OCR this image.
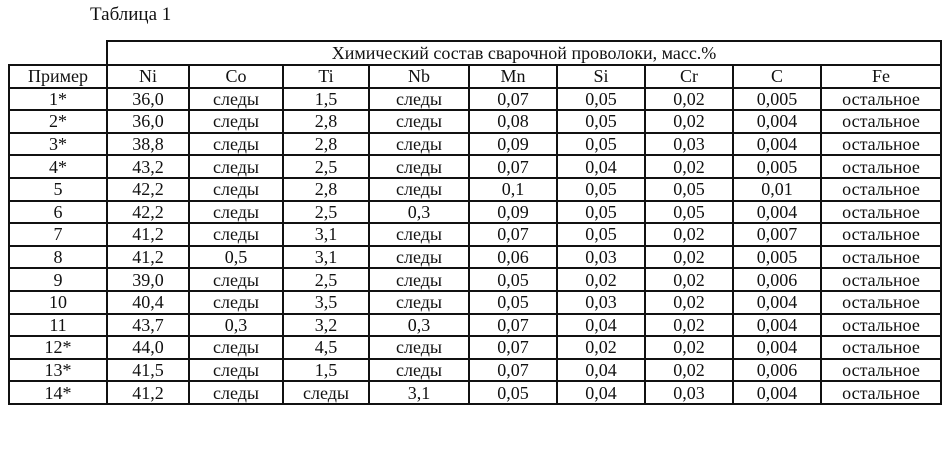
Таблица 1
	Химический состав сварочной проволоки, масс.%								
Пример	Ni	Co	Ti	Nb	Mn	Si	Cr	C	Fe
1*	36,0	следы	1,5	следы	0,07	0,05	0,02	0,005	остальное
2*	36,0	следы	2,8	следы	0,08	0,05	0,02	0,004	остальное
3*	38,8	следы	2,8	следы	0,09	0,05	0,03	0,004	остальное
4*	43,2	следы	2,5	следы	0,07	0,04	0,02	0,005	остальное
5	42,2	следы	2,8	следы	0,1	0,05	0,05	0,01	остальное
6	42,2	следы	2,5	0,3	0,09	0,05	0,05	0,004	остальное
7	41,2	следы	3,1	следы	0,07	0,05	0,02	0,007	остальное
8	41,2	0,5	3,1	следы	0,06	0,03	0,02	0,005	остальное
9	39,0	следы	2,5	следы	0,05	0,02	0,02	0,006	остальное
10	40,4	следы	3,5	следы	0,05	0,03	0,02	0,004	остальное
11	43,7	0,3	3,2	0,3	0,07	0,04	0,02	0,004	остальное
12*	44,0	следы	4,5	следы	0,07	0,02	0,02	0,004	остальное
13*	41,5	следы	1,5	следы	0,07	0,04	0,02	0,006	остальное
14*	41,2	следы	следы	3,1	0,05	0,04	0,03	0,004	остальное
